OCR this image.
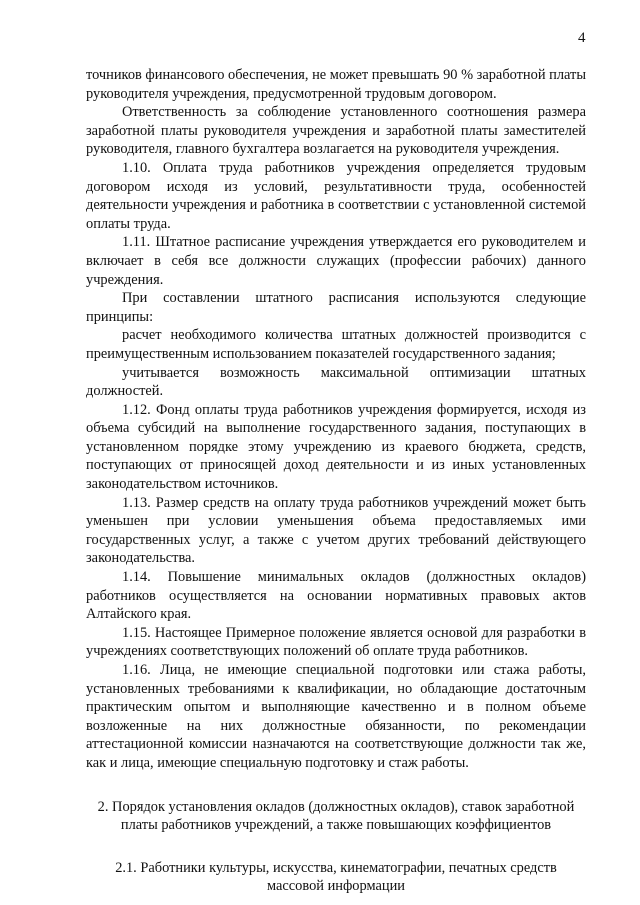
4

точников финансового обеспечения, не может превышать 90 % заработной платы руководителя учреждения, предусмотренной трудовым договором.

Ответственность за соблюдение установленного соотношения размера заработной платы руководителя учреждения и заработной платы заместителей руководителя, главного бухгалтера возлагается на руководителя учреждения.

1.10. Оплата труда работников учреждения определяется трудовым договором исходя из условий, результативности труда, особенностей деятельности учреждения и работника в соответствии с установленной системой оплаты труда.

1.11. Штатное расписание учреждения утверждается его руководителем и включает в себя все должности служащих (профессии рабочих) данного учреждения.

При составлении штатного расписания используются следующие принципы:

расчет необходимого количества штатных должностей производится с преимущественным использованием показателей государственного задания;

учитывается возможность максимальной оптимизации штатных должностей.

1.12. Фонд оплаты труда работников учреждения формируется, исходя из объема субсидий на выполнение государственного задания, поступающих в установленном порядке этому учреждению из краевого бюджета, средств, поступающих от приносящей доход деятельности и из иных установленных законодательством источников.

1.13. Размер средств на оплату труда работников учреждений может быть уменьшен при условии уменьшения объема предоставляемых ими государственных услуг, а также с учетом других требований действующего законодательства.

1.14. Повышение минимальных окладов (должностных окладов) работников осуществляется на основании нормативных правовых актов Алтайского края.

1.15. Настоящее Примерное положение является основой для разработки в учреждениях соответствующих положений об оплате труда работников.

1.16. Лица, не имеющие специальной подготовки или стажа работы, установленных требованиями к квалификации, но обладающие достаточным практическим опытом и выполняющие качественно и в полном объеме возложенные на них должностные обязанности, по рекомендации аттестационной комиссии назначаются на соответствующие должности так же, как и лица, имеющие специальную подготовку и стаж работы.

2. Порядок установления окладов (должностных окладов), ставок заработной платы работников учреждений, а также повышающих коэффициентов

2.1. Работники культуры, искусства, кинематографии, печатных средств массовой информации
